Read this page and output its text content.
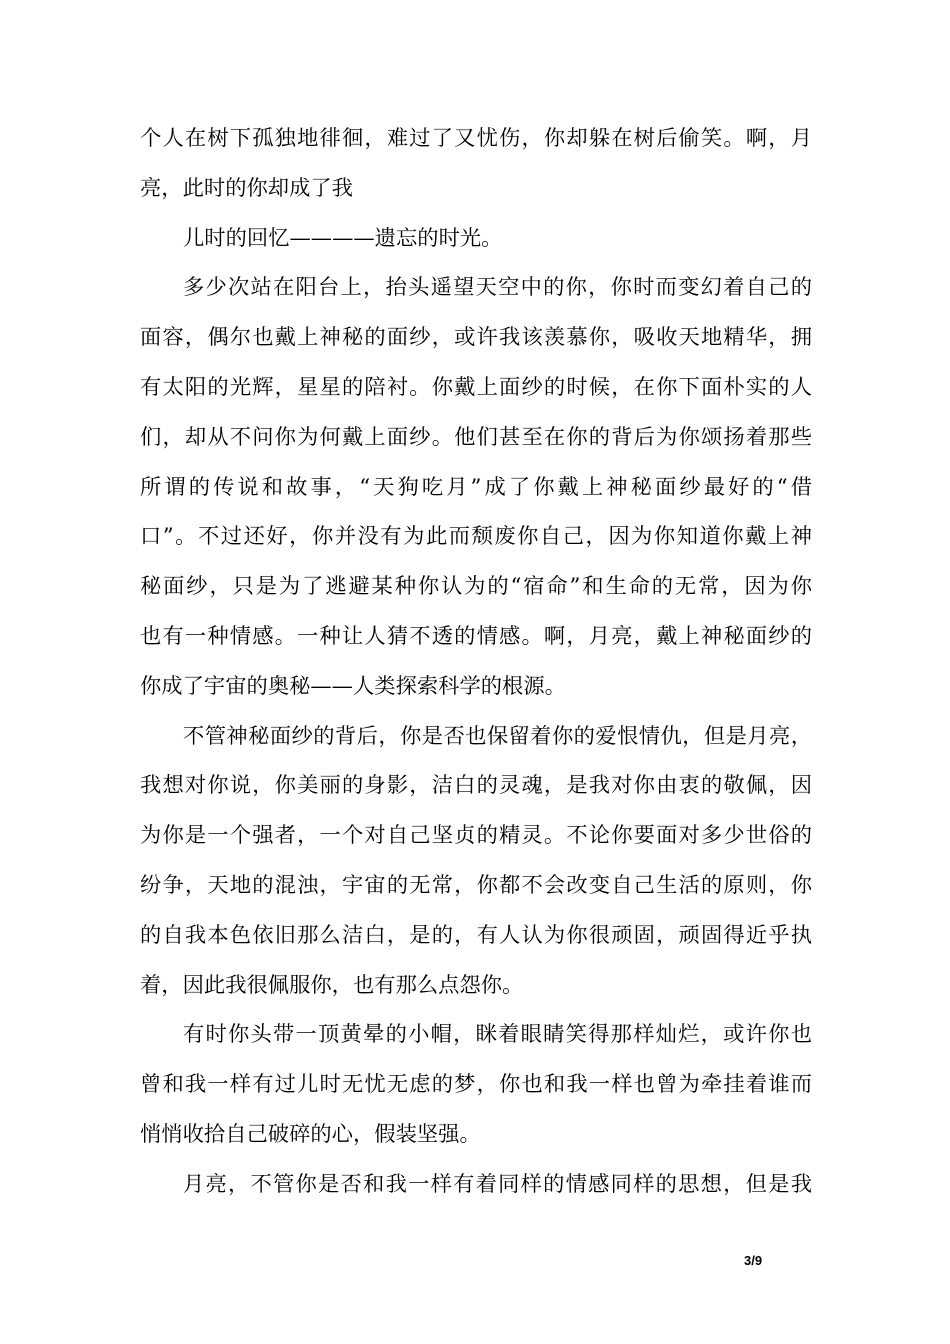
个人在树下孤独地徘徊，难过了又忧伤，你却躲在树后偷笑。啊，月
亮，此时的你却成了我
儿时的回忆————遗忘的时光。
多少次站在阳台上，抬头遥望天空中的你，你时而变幻着自己的
面容，偶尔也戴上神秘的面纱，或许我该羡慕你，吸收天地精华，拥
有太阳的光辉，星星的陪衬。你戴上面纱的时候，在你下面朴实的人
们，却从不问你为何戴上面纱。他们甚至在你的背后为你颂扬着那些
所谓的传说和故事，“天狗吃月”成了你戴上神秘面纱最好的“借
口”。不过还好，你并没有为此而颓废你自己，因为你知道你戴上神
秘面纱，只是为了逃避某种你认为的“宿命”和生命的无常，因为你
也有一种情感。一种让人猜不透的情感。啊，月亮，戴上神秘面纱的
你成了宇宙的奥秘——人类探索科学的根源。
不管神秘面纱的背后，你是否也保留着你的爱恨情仇，但是月亮，
我想对你说，你美丽的身影，洁白的灵魂，是我对你由衷的敬佩，因
为你是一个强者，一个对自己坚贞的精灵。不论你要面对多少世俗的
纷争，天地的混浊，宇宙的无常，你都不会改变自己生活的原则，你
的自我本色依旧那么洁白，是的，有人认为你很顽固，顽固得近乎执
着，因此我很佩服你，也有那么点怨你。
有时你头带一顶黄晕的小帽，眯着眼睛笑得那样灿烂，或许你也
曾和我一样有过儿时无忧无虑的梦，你也和我一样也曾为牵挂着谁而
悄悄收拾自己破碎的心，假装坚强。
月亮，不管你是否和我一样有着同样的情感同样的思想，但是我
3/9
